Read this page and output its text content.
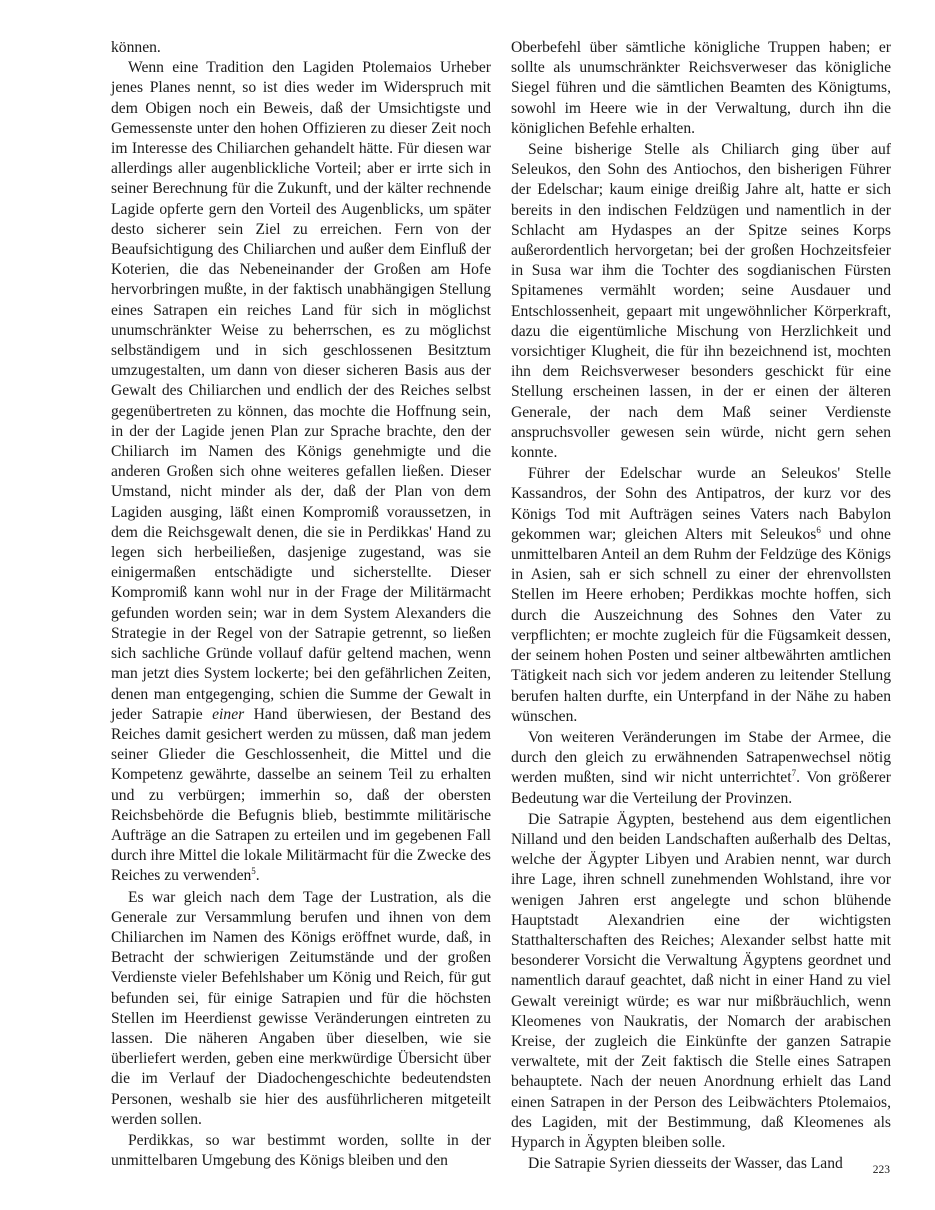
können.

Wenn eine Tradition den Lagiden Ptolemaios Urheber jenes Planes nennt, so ist dies weder im Widerspruch mit dem Obigen noch ein Beweis, daß der Umsichtigste und Gemessenste unter den hohen Offizieren zu dieser Zeit noch im Interesse des Chiliarchen gehandelt hätte. Für diesen war allerdings aller augenblickliche Vorteil; aber er irrte sich in seiner Berechnung für die Zukunft, und der kälter rechnende Lagide opferte gern den Vorteil des Augenblicks, um später desto sicherer sein Ziel zu erreichen. Fern von der Beaufsichtigung des Chiliarchen und außer dem Einfluß der Koterien, die das Nebeneinander der Großen am Hofe hervorbringen mußte, in der faktisch unabhängigen Stellung eines Satrapen ein reiches Land für sich in möglichst unumschränkter Weise zu beherrschen, es zu möglichst selbständigem und in sich geschlossenen Besitztum umzugestalten, um dann von dieser sicheren Basis aus der Gewalt des Chiliarchen und endlich der des Reiches selbst gegenübertreten zu können, das mochte die Hoffnung sein, in der der Lagide jenen Plan zur Sprache brachte, den der Chiliarch im Namen des Königs genehmigte und die anderen Großen sich ohne weiteres gefallen ließen. Dieser Umstand, nicht minder als der, daß der Plan von dem Lagiden ausging, läßt einen Kompromiß voraussetzen, in dem die Reichsgewalt denen, die sie in Perdikkas' Hand zu legen sich herbeiließen, dasjenige zugestand, was sie einigermaßen entschädigte und sicherstellte. Dieser Kompromiß kann wohl nur in der Frage der Militärmacht gefunden worden sein; war in dem System Alexanders die Strategie in der Regel von der Satrapie getrennt, so ließen sich sachliche Gründe vollauf dafür geltend machen, wenn man jetzt dies System lockerte; bei den gefährlichen Zeiten, denen man entgegenging, schien die Summe der Gewalt in jeder Satrapie einer Hand überwiesen, der Bestand des Reiches damit gesichert werden zu müssen, daß man jedem seiner Glieder die Geschlossenheit, die Mittel und die Kompetenz gewährte, dasselbe an seinem Teil zu erhalten und zu verbürgen; immerhin so, daß der obersten Reichsbehörde die Befugnis blieb, bestimmte militärische Aufträge an die Satrapen zu erteilen und im gegebenen Fall durch ihre Mittel die lokale Militärmacht für die Zwecke des Reiches zu verwenden$^5$.

Es war gleich nach dem Tage der Lustration, als die Generale zur Versammlung berufen und ihnen von dem Chiliarchen im Namen des Königs eröffnet wurde, daß, in Betracht der schwierigen Zeitumstände und der großen Verdienste vieler Befehlshaber um König und Reich, für gut befunden sei, für einige Satrapien und für die höchsten Stellen im Heerdienst gewisse Veränderungen eintreten zu lassen. Die näheren Angaben über dieselben, wie sie überliefert werden, geben eine merkwürdige Übersicht über die im Verlauf der Diadochengeschichte bedeutendsten Personen, weshalb sie hier des ausführlicheren mitgeteilt werden sollen.

Perdikkas, so war bestimmt worden, sollte in der unmittelbaren Umgebung des Königs bleiben und den

Oberbefehl über sämtliche königliche Truppen haben; er sollte als unumschränkter Reichsverweser das königliche Siegel führen und die sämtlichen Beamten des Königtums, sowohl im Heere wie in der Verwaltung, durch ihn die königlichen Befehle erhalten.

Seine bisherige Stelle als Chiliarch ging über auf Seleukos, den Sohn des Antiochos, den bisherigen Führer der Edelschar; kaum einige dreißig Jahre alt, hatte er sich bereits in den indischen Feldzügen und namentlich in der Schlacht am Hydaspes an der Spitze seines Korps außerordentlich hervorgetan; bei der großen Hochzeitsfeier in Susa war ihm die Tochter des sogdianischen Fürsten Spitamenes vermählt worden; seine Ausdauer und Entschlossenheit, gepaart mit ungewöhnlicher Körperkraft, dazu die eigentümliche Mischung von Herzlichkeit und vorsichtiger Klugheit, die für ihn bezeichnend ist, mochten ihn dem Reichsverweser besonders geschickt für eine Stellung erscheinen lassen, in der er einen der älteren Generale, der nach dem Maß seiner Verdienste anspruchsvoller gewesen sein würde, nicht gern sehen konnte.

Führer der Edelschar wurde an Seleukos' Stelle Kassandros, der Sohn des Antipatros, der kurz vor des Königs Tod mit Aufträgen seines Vaters nach Babylon gekommen war; gleichen Alters mit Seleukos$^6$ und ohne unmittelbaren Anteil an dem Ruhm der Feldzüge des Königs in Asien, sah er sich schnell zu einer der ehrenvollsten Stellen im Heere erhoben; Perdikkas mochte hoffen, sich durch die Auszeichnung des Sohnes den Vater zu verpflichten; er mochte zugleich für die Fügsamkeit dessen, der seinem hohen Posten und seiner altbewährten amtlichen Tätigkeit nach sich vor jedem anderen zu leitender Stellung berufen halten durfte, ein Unterpfand in der Nähe zu haben wünschen.

Von weiteren Veränderungen im Stabe der Armee, die durch den gleich zu erwähnenden Satrapenwechsel nötig werden mußten, sind wir nicht unterrichtet$^7$. Von größerer Bedeutung war die Verteilung der Provinzen.

Die Satrapie Ägypten, bestehend aus dem eigentlichen Nilland und den beiden Landschaften außerhalb des Deltas, welche der Ägypter Libyen und Arabien nennt, war durch ihre Lage, ihren schnell zunehmenden Wohlstand, ihre vor wenigen Jahren erst angelegte und schon blühende Hauptstadt Alexandrien eine der wichtigsten Statthalterschaften des Reiches; Alexander selbst hatte mit besonderer Vorsicht die Verwaltung Ägyptens geordnet und namentlich darauf geachtet, daß nicht in einer Hand zu viel Gewalt vereinigt würde; es war nur mißbräuchlich, wenn Kleomenes von Naukratis, der Nomarch der arabischen Kreise, der zugleich die Einkünfte der ganzen Satrapie verwaltete, mit der Zeit faktisch die Stelle eines Satrapen behauptete. Nach der neuen Anordnung erhielt das Land einen Satrapen in der Person des Leibwächters Ptolemaios, des Lagiden, mit der Bestimmung, daß Kleomenes als Hyparch in Ägypten bleiben solle.

Die Satrapie Syrien diesseits der Wasser, das Land	223
